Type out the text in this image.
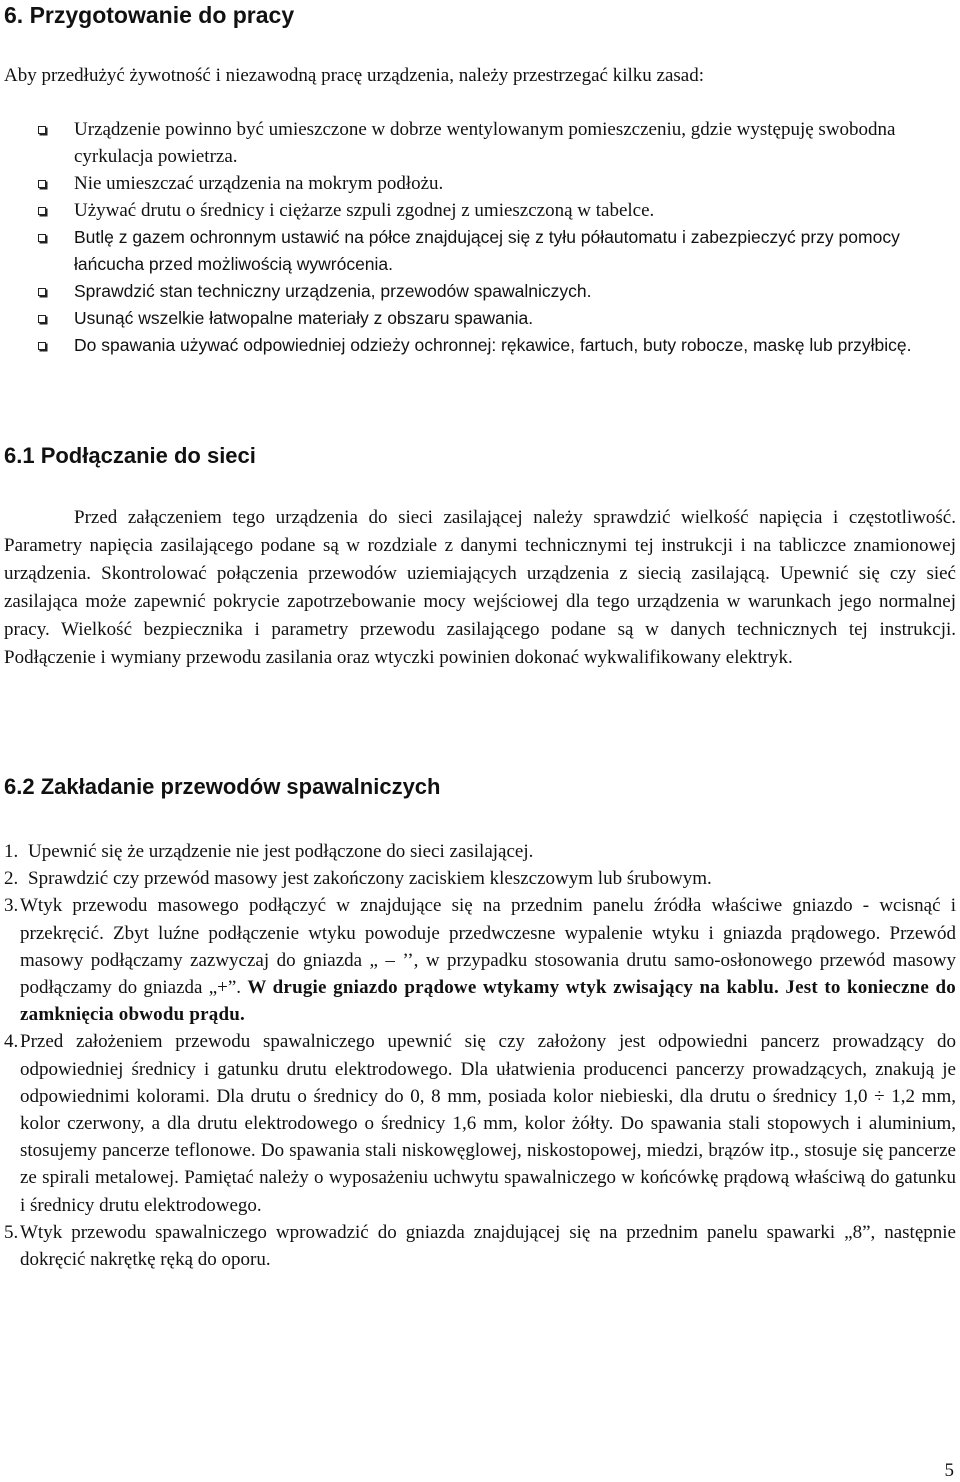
6. Przygotowanie do pracy

Aby przedłużyć żywotność i niezawodną pracę urządzenia, należy przestrzegać kilku zasad:

Urządzenie powinno być umieszczone w dobrze wentylowanym pomieszczeniu, gdzie występuję swobodna cyrkulacja powietrza.
Nie umieszczać urządzenia na mokrym podłożu.
Używać drutu o średnicy i ciężarze szpuli zgodnej z umieszczoną w tabelce.
Butlę z gazem ochronnym ustawić na półce znajdującej się z tyłu półautomatu i zabezpieczyć przy pomocy łańcucha przed możliwością wywrócenia.
Sprawdzić stan techniczny urządzenia, przewodów spawalniczych.
Usunąć wszelkie łatwopalne materiały z obszaru spawania.
Do spawania używać odpowiedniej odzieży ochronnej: rękawice, fartuch, buty robocze, maskę lub przyłbicę.
6.1 Podłączanie do sieci

Przed załączeniem tego urządzenia do sieci zasilającej należy sprawdzić wielkość napięcia i częstotliwość. Parametry napięcia zasilającego podane są w rozdziale z danymi technicznymi tej instrukcji i na tabliczce znamionowej urządzenia. Skontrolować połączenia przewodów uziemiających urządzenia z siecią zasilającą. Upewnić się czy sieć zasilająca może zapewnić pokrycie zapotrzebowanie mocy wejściowej dla tego urządzenia w warunkach jego normalnej pracy. Wielkość bezpiecznika i parametry przewodu zasilającego podane są w danych technicznych tej instrukcji. Podłączenie i wymiany przewodu zasilania oraz wtyczki powinien dokonać wykwalifikowany elektryk.

6.2 Zakładanie przewodów spawalniczych
1. Upewnić się że urządzenie nie jest podłączone do sieci zasilającej.
2. Sprawdzić czy przewód masowy jest zakończony zaciskiem kleszczowym lub śrubowym.
3. Wtyk przewodu masowego podłączyć w znajdujące się na przednim panelu źródła właściwe gniazdo - wcisnąć i przekręcić. Zbyt luźne podłączenie wtyku powoduje przedwczesne wypalenie wtyku i gniazda prądowego. Przewód masowy podłączamy zazwyczaj do gniazda „ – ’’, w przypadku stosowania drutu samo-osłonowego przewód masowy podłączamy do gniazda „+”. W drugie gniazdo prądowe wtykamy wtyk zwisający na kablu. Jest to konieczne do zamknięcia obwodu prądu.
4. Przed założeniem przewodu spawalniczego upewnić się czy założony jest odpowiedni pancerz prowadzący do odpowiedniej średnicy i gatunku drutu elektrodowego. Dla ułatwienia producenci pancerzy prowadzących, znakują je odpowiednimi kolorami. Dla drutu o średnicy do 0, 8 mm, posiada kolor niebieski, dla drutu o średnicy 1,0 ÷ 1,2 mm, kolor czerwony, a dla drutu elektrodowego o średnicy 1,6 mm, kolor żółty. Do spawania stali stopowych i aluminium, stosujemy pancerze teflonowe. Do spawania stali niskowęglowej, niskostopowej, miedzi, brązów itp., stosuje się pancerze ze spirali metalowej. Pamiętać należy o wyposażeniu uchwytu spawalniczego w końcówkę prądową właściwą do gatunku i średnicy drutu elektrodowego.
5. Wtyk przewodu spawalniczego wprowadzić do gniazda znajdującej się na przednim panelu spawarki „8”, następnie dokręcić nakrętkę ręką do oporu.

5
